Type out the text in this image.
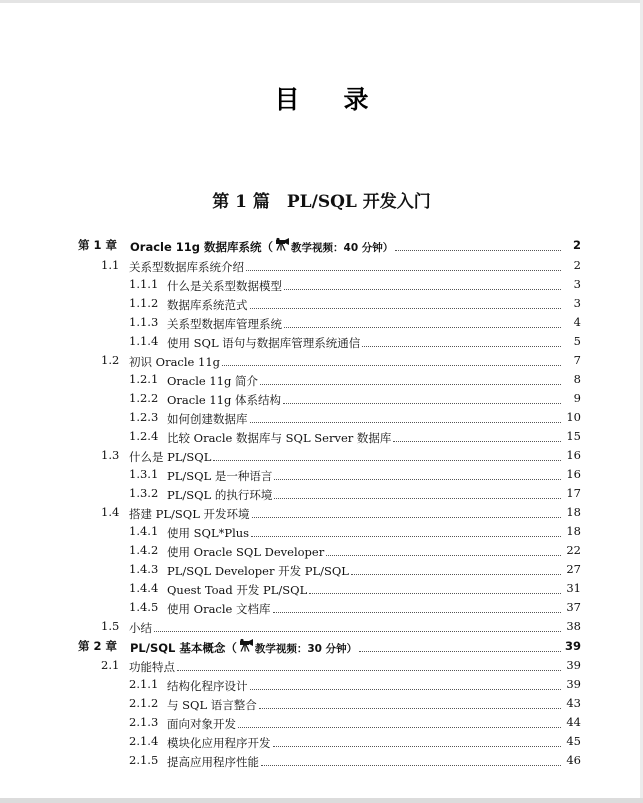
目 录
第 1 篇　PL/SQL 开发入门
第 1 章 Oracle 11g 数据库系统（ 教学视频：40 分钟）	2
1.1 关系型数据库系统介绍	2
1.1.1 什么是关系型数据模型	3
1.1.2 数据库系统范式	3
1.1.3 关系型数据库管理系统	4
1.1.4 使用 SQL 语句与数据库管理系统通信	5
1.2 初识 Oracle 11g	7
1.2.1 Oracle 11g 简介	8
1.2.2 Oracle 11g 体系结构	9
1.2.3 如何创建数据库	10
1.2.4 比较 Oracle 数据库与 SQL Server 数据库	15
1.3 什么是 PL/SQL	16
1.3.1 PL/SQL 是一种语言	16
1.3.2 PL/SQL 的执行环境	17
1.4 搭建 PL/SQL 开发环境	18
1.4.1 使用 SQL*Plus	18
1.4.2 使用 Oracle SQL Developer	22
1.4.3 PL/SQL Developer 开发 PL/SQL	27
1.4.4 Quest Toad 开发 PL/SQL	31
1.4.5 使用 Oracle 文档库	37
1.5 小结	38
第 2 章 PL/SQL 基本概念（ 教学视频：30 分钟）	39
2.1 功能特点	39
2.1.1 结构化程序设计	39
2.1.2 与 SQL 语言整合	43
2.1.3 面向对象开发	44
2.1.4 模块化应用程序开发	45
2.1.5 提高应用程序性能	46
